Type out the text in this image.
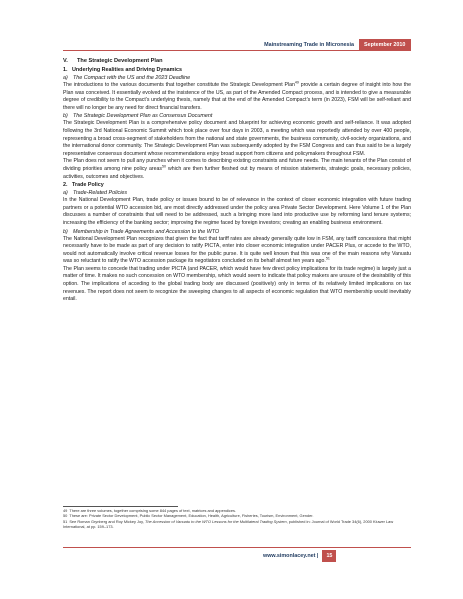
Mainstreaming Trade in Micronesia	September 2010
V. The Strategic Development Plan
1. Underlying Realities and Driving Dynamics
a) The Compact with the US and the 2023 Deadline

The introductions to the various documents that together constitute the Strategic Development Plan$^{49}$ provide a certain degree of insight into how the Plan was conceived. It essentially evolved at the insistence of the US, as part of the Amended Compact process, and is intended to give a measurable degree of credibility to the Compact’s underlying thesis, namely that at the end of the Amended Compact’s term (in 2023), FSM will be self-reliant and there will no longer be any need for direct financial transfers.

b) The Strategic Development Plan as Consensus Document

The Strategic Development Plan is a comprehensive policy document and blueprint for achieving economic growth and self-reliance. It was adopted following the 3rd National Economic Summit which took place over four days in 2003, a meeting which was reportedly attended by over 400 people, representing a broad cross-segment of stakeholders from the national and state governments, the business community, civil-society organizations, and the international donor community. The Strategic Development Plan was subsequently adopted by the FSM Congress and can thus said to be a largely representative consensus document whose recommendations enjoy broad support from citizens and policymakers throughout FSM.

The Plan does not seem to pull any punches when it comes to describing existing constraints and future needs. The main tenants of the Plan consist of dividing priorities among nine policy areas$^{50}$ which are then further fleshed out by means of mission statements, strategic goals, necessary policies, activities, outcomes and objectives.

2. Trade Policy
a) Trade-Related Policies

In the National Development Plan, trade policy or issues bound to be of relevance in the context of closer economic integration with future trading partners or a potential WTO accession bid, are most directly addressed under the policy area Private Sector Development. Here Volume 1 of the Plan discusses a number of constraints that will need to be addressed, such a bringing more land into productive use by reforming land tenure systems; increasing the efficiency of the banking sector; improving the regime faced by foreign investors; creating an enabling business environment.

b) Membership in Trade Agreements and Accession to the WTO

The National Development Plan recognizes that given the fact that tariff rates are already generally quite low in FSM, any tariff concessions that might necessarily have to be made as part of any decision to ratify PICTA, enter into closer economic integration under PACER Plus, or accede to the WTO, would not automatically involve critical revenue losses for the public purse. It is quite well known that this was one of the main reasons why Vanuatu was so reluctant to ratify the WTO accession package its negotiators concluded on its behalf almost ten years ago.$^{51}$

The Plan seems to concede that trading under PICTA (and PACER, which would have few direct policy implications for its trade regime) is largely just a matter of time. It makes no such concession on WTO membership, which would seem to indicate that policy makers are unsure of the desirability of this option. The implications of acceding to the global trading body are discussed (positively) only in terms of its relatively limited implications on tax revenues. The report does not seem to recognize the sweeping changes to all aspects of economic regulation that WTO membership would inevitably entail.

49 There are three volumes, together comprising some 844 pages of text, matrices and appendices.

50 These are: Private Sector Development, Public Sector Management, Education, Health, Agriculture, Fisheries, Tourism, Environment, Gender.

51 See Roman Grynberg and Roy Mickey Joy, The Accession of Vanuatu to the WTO Lessons for the Multilateral Trading System, published in: Journal of World Trade 34(6), 2000 Kluwer Law International, at pp. 159–173.

www.simonlacey.net |	15
